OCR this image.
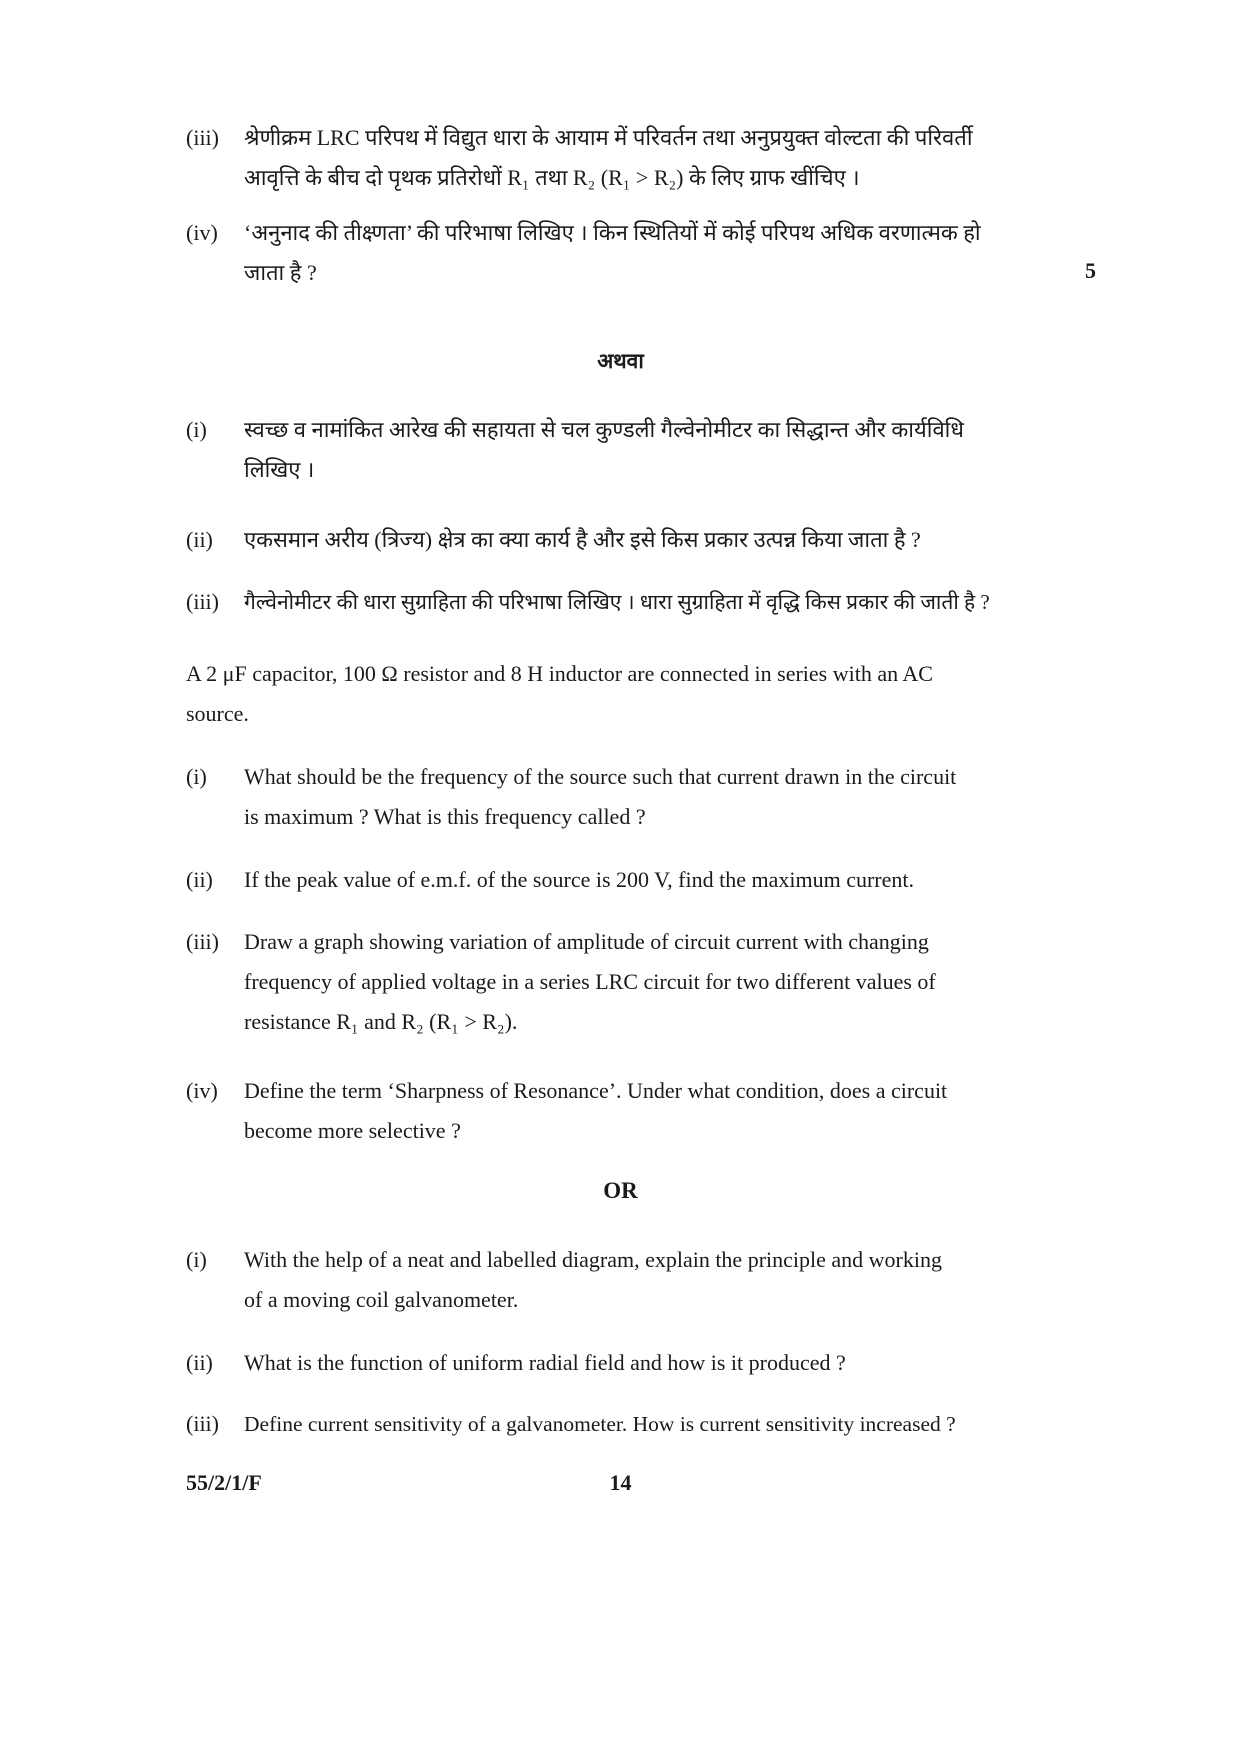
(iii) श्रेणीक्रम LRC परिपथ में विद्युत धारा के आयाम में परिवर्तन तथा अनुप्रयुक्त वोल्टता की परिवर्ती
आवृत्ति के बीच दो पृथक प्रतिरोधों R₁ तथा R₂ (R₁ > R₂) के लिए ग्राफ खींचिए ।
(iv) ‘अनुनाद की तीक्ष्णता’ की परिभाषा लिखिए । किन स्थितियों में कोई परिपथ अधिक वरणात्मक हो
जाता है ?	5
अथवा
(i) स्वच्छ व नामांकित आरेख की सहायता से चल कुण्डली गैल्वेनोमीटर का सिद्धान्त और कार्यविधि
लिखिए ।
(ii) एकसमान अरीय (त्रिज्य) क्षेत्र का क्या कार्य है और इसे किस प्रकार उत्पन्न किया जाता है ?
(iii) गैल्वेनोमीटर की धारा सुग्राहिता की परिभाषा लिखिए । धारा सुग्राहिता में वृद्धि किस प्रकार की जाती है ?
A 2 μF capacitor, 100 Ω resistor and 8 H inductor are connected in series with an AC
source.
(i) What should be the frequency of the source such that current drawn in the circuit
is maximum ? What is this frequency called ?
(ii) If the peak value of e.m.f. of the source is 200 V, find the maximum current.
(iii) Draw a graph showing variation of amplitude of circuit current with changing
frequency of applied voltage in a series LRC circuit for two different values of
resistance R₁ and R₂ (R₁ > R₂).
(iv) Define the term ‘Sharpness of Resonance’. Under what condition, does a circuit
become more selective ?
OR
(i) With the help of a neat and labelled diagram, explain the principle and working
of a moving coil galvanometer.
(ii) What is the function of uniform radial field and how is it produced ?
(iii) Define current sensitivity of a galvanometer. How is current sensitivity increased ?
55/2/1/F	14
